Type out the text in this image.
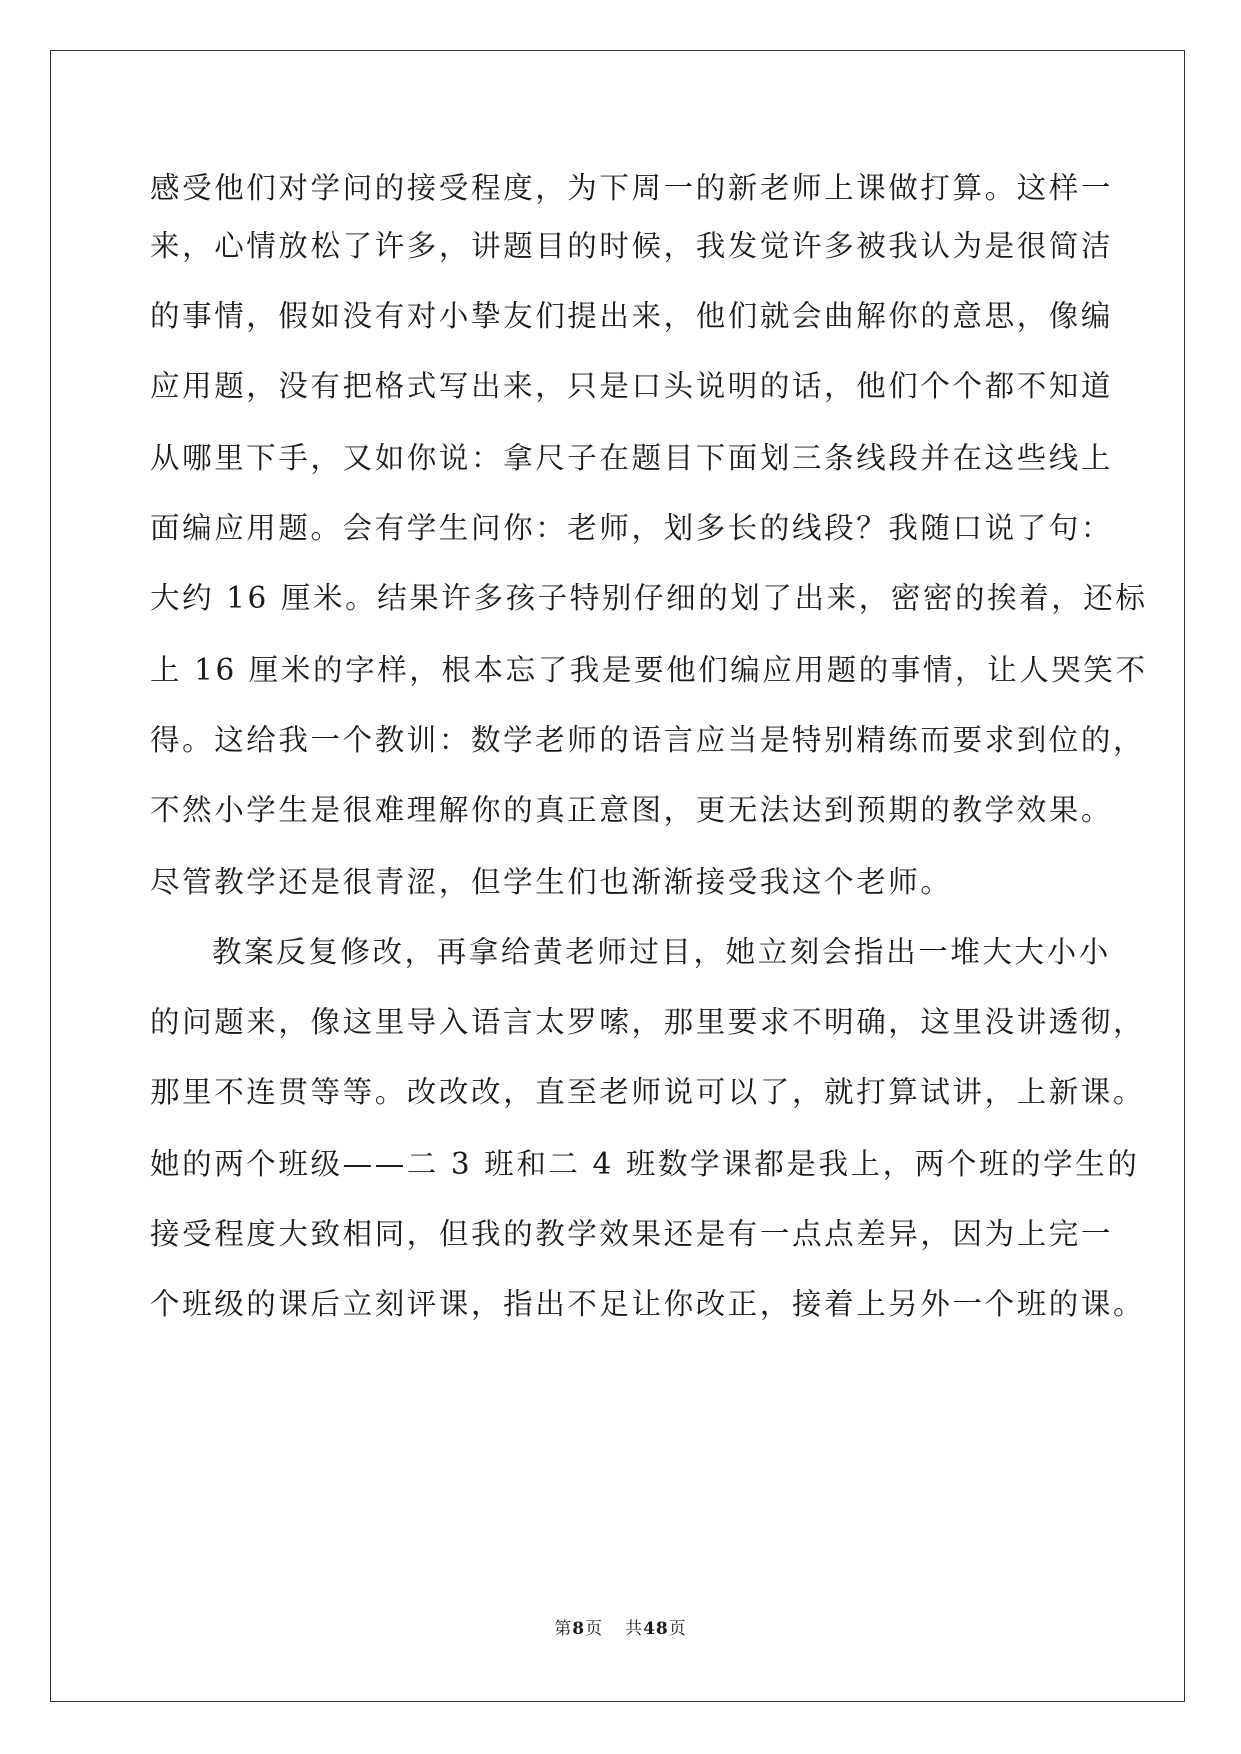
感受他们对学问的接受程度，为下周一的新老师上课做打算。这样一
来，心情放松了许多，讲题目的时候，我发觉许多被我认为是很简洁
的事情，假如没有对小挚友们提出来，他们就会曲解你的意思，像编
应用题，没有把格式写出来，只是口头说明的话，他们个个都不知道
从哪里下手，又如你说：拿尺子在题目下面划三条线段并在这些线上
面编应用题。会有学生问你：老师，划多长的线段？我随口说了句：
大约 16 厘米。结果许多孩子特别仔细的划了出来，密密的挨着，还标
上 16 厘米的字样，根本忘了我是要他们编应用题的事情，让人哭笑不
得。这给我一个教训：数学老师的语言应当是特别精练而要求到位的，
不然小学生是很难理解你的真正意图，更无法达到预期的教学效果。
尽管教学还是很青涩，但学生们也渐渐接受我这个老师。
教案反复修改，再拿给黄老师过目，她立刻会指出一堆大大小小
的问题来，像这里导入语言太罗嗦，那里要求不明确，这里没讲透彻，
那里不连贯等等。改改改，直至老师说可以了，就打算试讲，上新课。
她的两个班级——二 3 班和二 4 班数学课都是我上，两个班的学生的
接受程度大致相同，但我的教学效果还是有一点点差异，因为上完一
个班级的课后立刻评课，指出不足让你改正，接着上另外一个班的课。
第8页 共48页
